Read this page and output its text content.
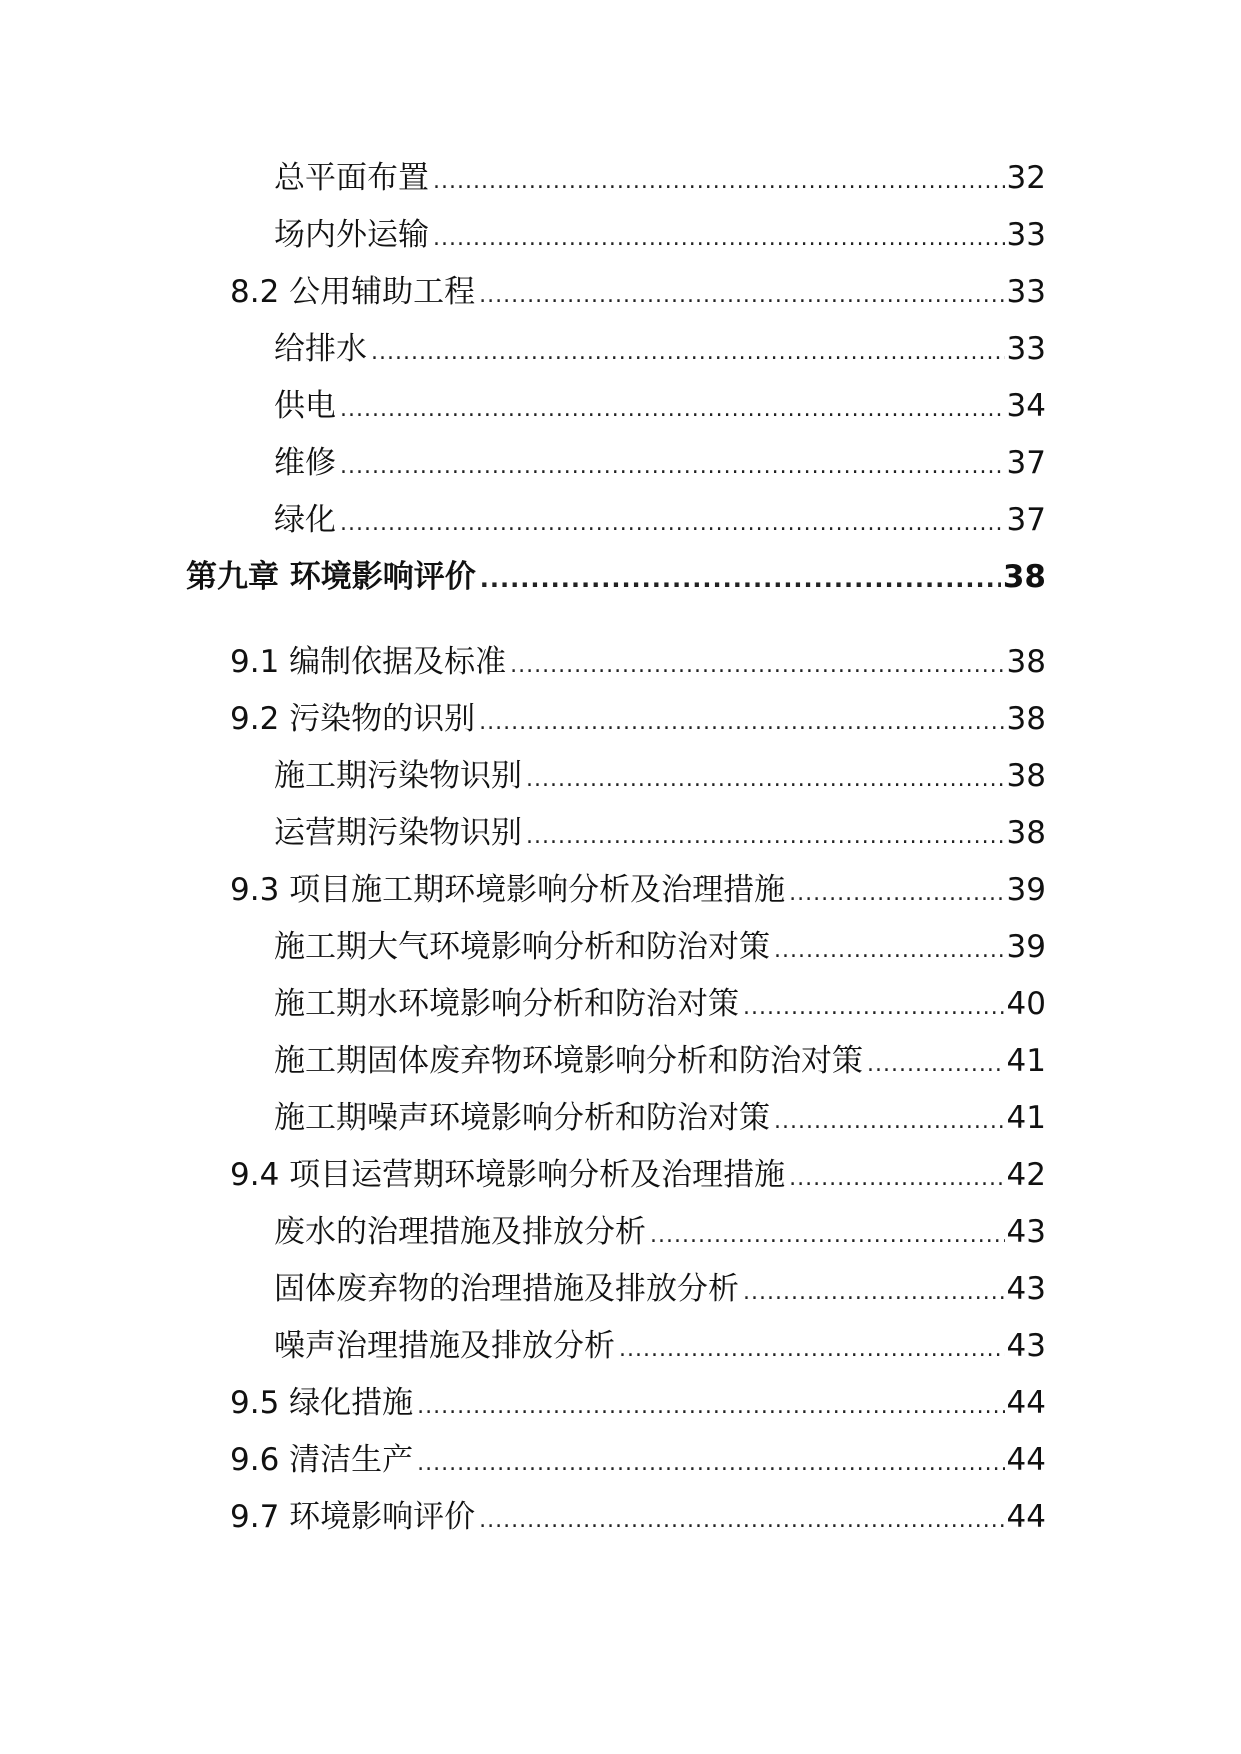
总平面布置 .....	32
场内外运输 .....	33
8.2 公用辅助工程 .....	33
给排水 .....	33
供电 .....	34
维修 .....	37
绿化 .....	37
第九章 环境影响评价 .....	38
9.1 编制依据及标准 .....	38
9.2 污染物的识别 .....	38
施工期污染物识别 .....	38
运营期污染物识别 .....	38
9.3 项目施工期环境影响分析及治理措施 .....	39
施工期大气环境影响分析和防治对策 .....	39
施工期水环境影响分析和防治对策 .....	40
施工期固体废弃物环境影响分析和防治对策 .....	41
施工期噪声环境影响分析和防治对策 .....	41
9.4 项目运营期环境影响分析及治理措施 .....	42
废水的治理措施及排放分析 .....	43
固体废弃物的治理措施及排放分析 .....	43
噪声治理措施及排放分析 .....	43
9.5 绿化措施 .....	44
9.6 清洁生产 .....	44
9.7 环境影响评价 .....	44
